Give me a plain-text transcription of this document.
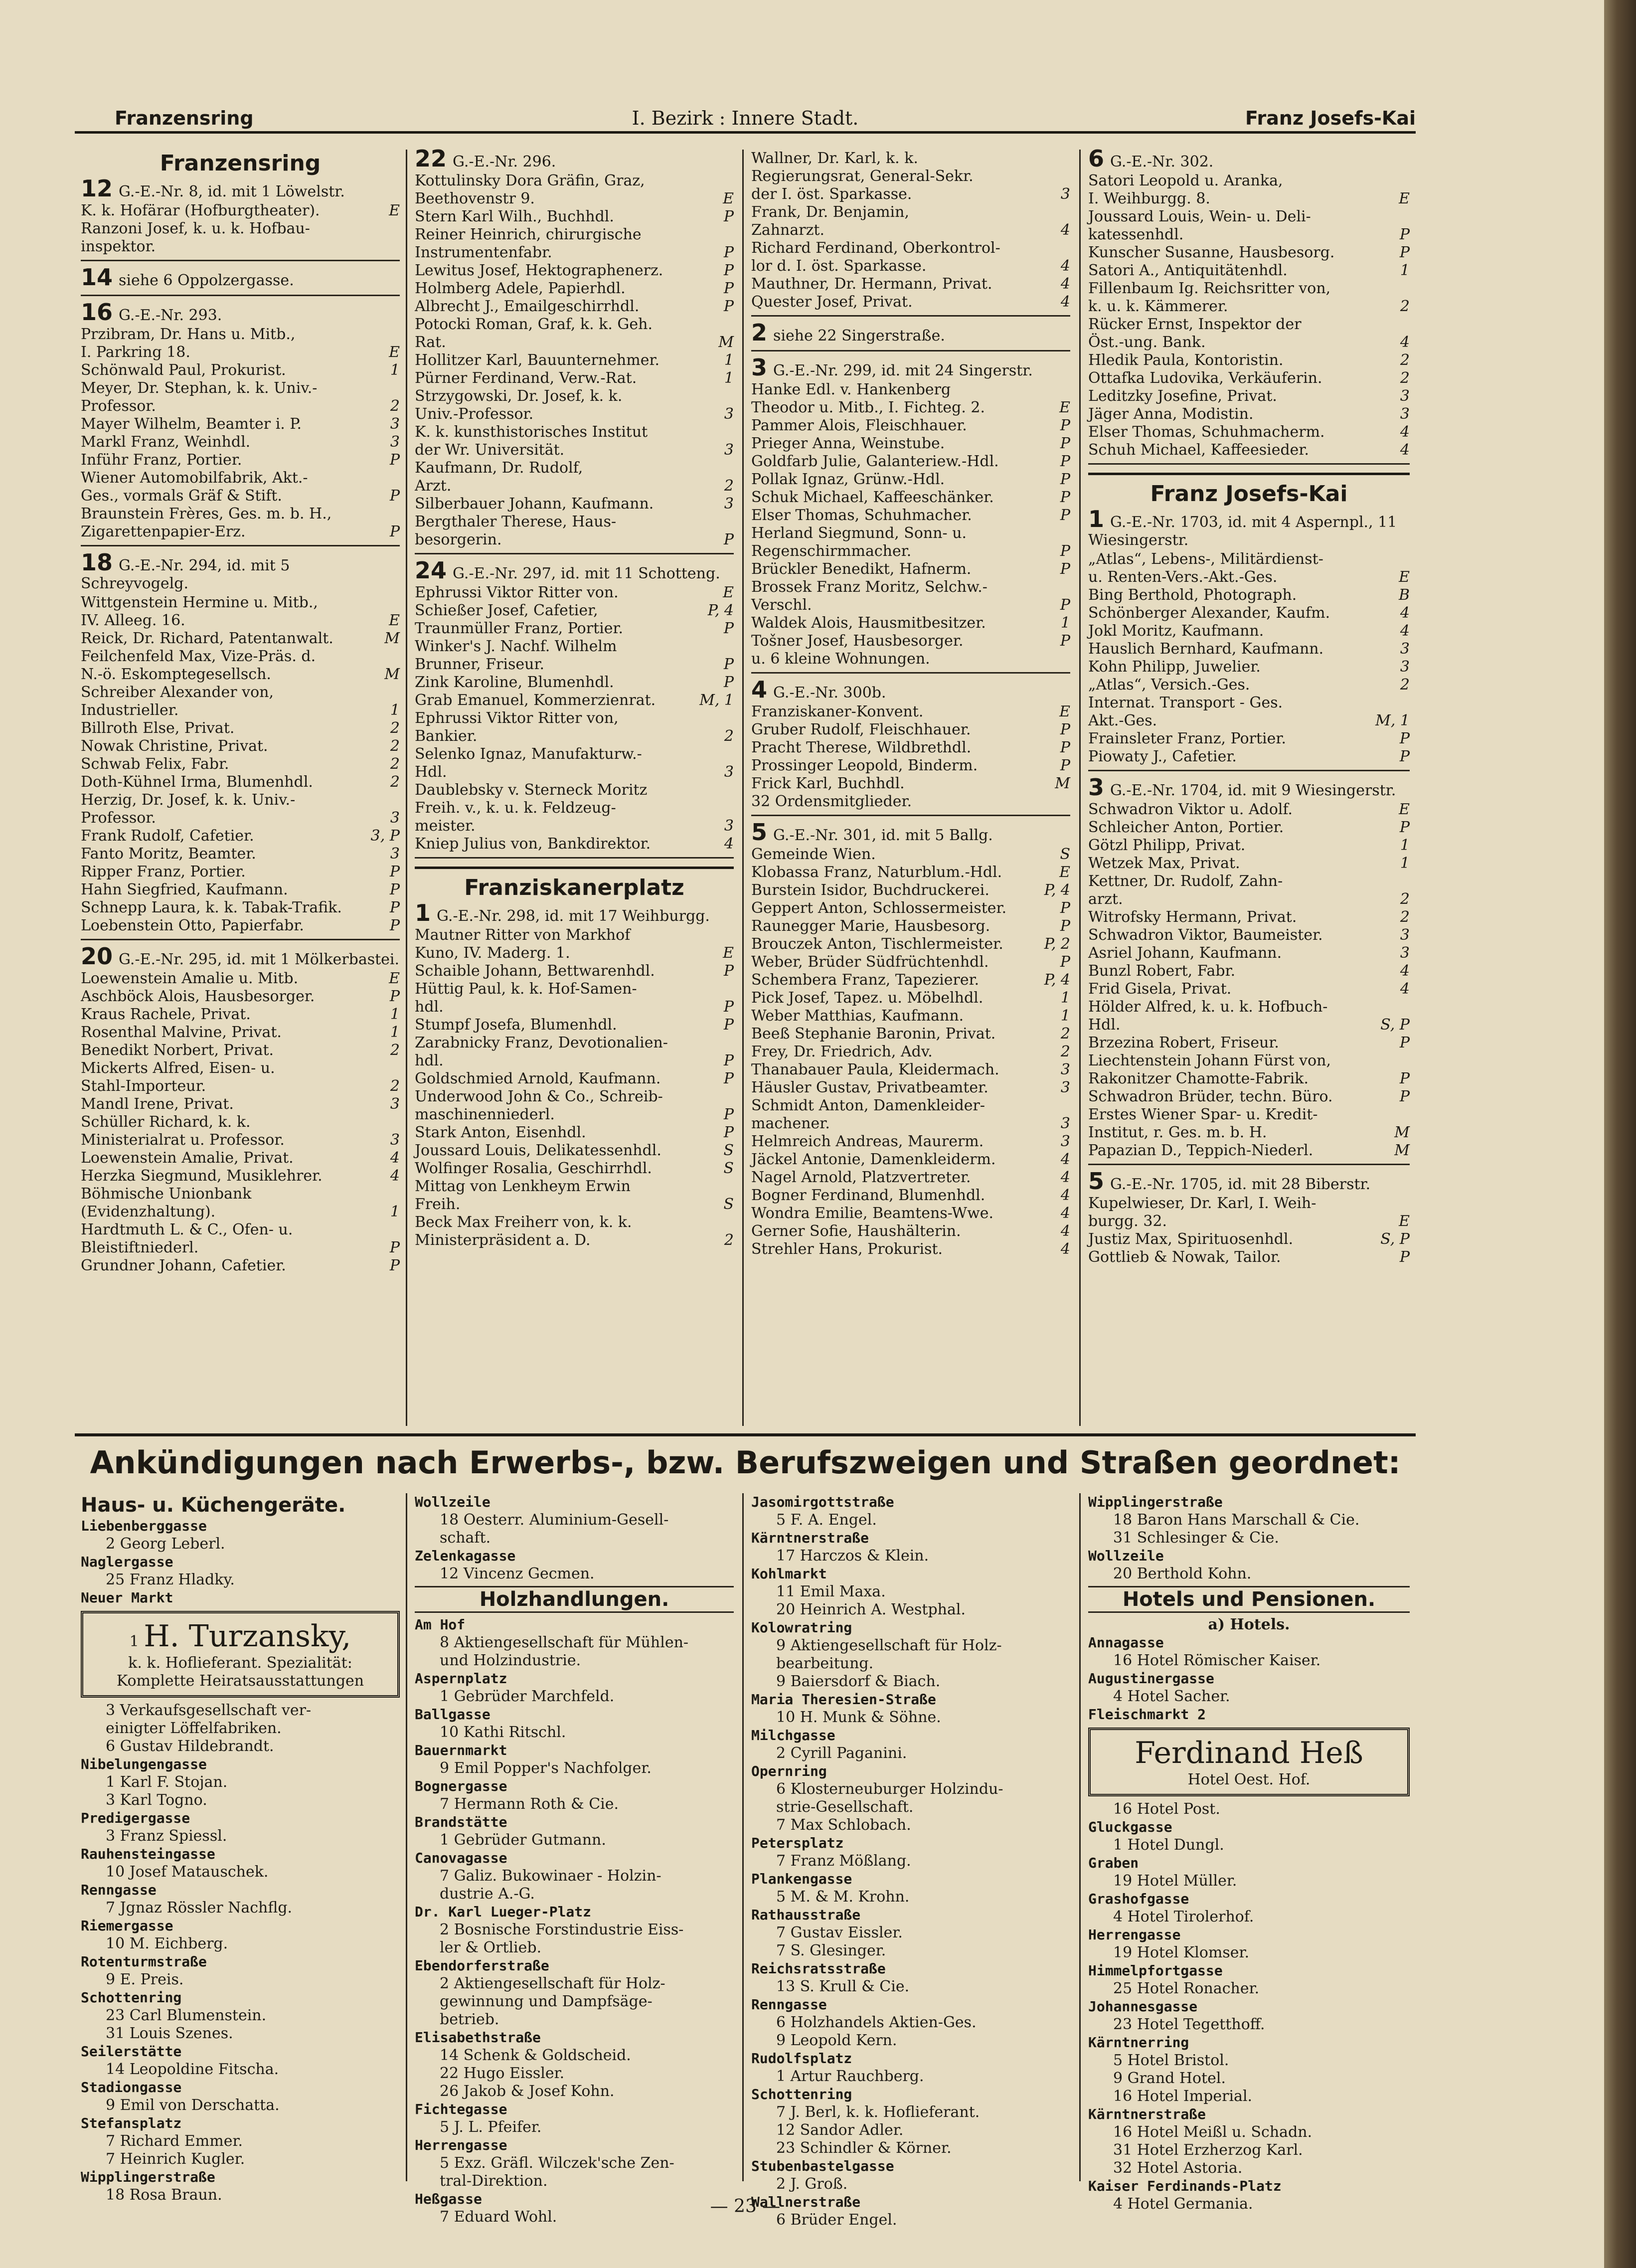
Franzensring	I. Bezirk : Innere Stadt.	Franz Josefs-Kai
Franzensring
12 G.-E.-Nr. 8, id. mit 1 Löwelstr.
K. k. Hofärar (Hofburgtheater).	E
Ranzoni Josef, k. u. k. Hofbau-
inspektor.
14 siehe 6 Oppolzergasse.
16 G.-E.-Nr. 293.
Przibram, Dr. Hans u. Mitb.,
I. Parkring 18.	E
Schönwald Paul, Prokurist.	1
Meyer, Dr. Stephan, k. k. Univ.-
Professor.	2
Mayer Wilhelm, Beamter i. P.	3
Markl Franz, Weinhdl.	3
Inführ Franz, Portier.	P
Wiener Automobilfabrik, Akt.-
Ges., vormals Gräf & Stift.	P
Braunstein Frères, Ges. m. b. H.,
Zigarettenpapier-Erz.	P
18 G.-E.-Nr. 294, id. mit 5 Schreyvogelg.
Wittgenstein Hermine u. Mitb.,
IV. Alleeg. 16.	E
Reick, Dr. Richard, Patentanwalt.	M
Feilchenfeld Max, Vize-Präs. d.
N.-ö. Eskomptegesellsch.	M
Schreiber Alexander von,
Industrieller.	1
Billroth Else, Privat.	2
Nowak Christine, Privat.	2
Schwab Felix, Fabr.	2
Doth-Kühnel Irma, Blumenhdl.	2
Herzig, Dr. Josef, k. k. Univ.-
Professor.	3
Frank Rudolf, Cafetier.	3, P
Fanto Moritz, Beamter.	3
Ripper Franz, Portier.	P
Hahn Siegfried, Kaufmann.	P
Schnepp Laura, k. k. Tabak-Trafik.	P
Loebenstein Otto, Papierfabr.	P
20 G.-E.-Nr. 295, id. mit 1 Mölkerbastei.
Loewenstein Amalie u. Mitb.	E
Aschböck Alois, Hausbesorger.	P
Kraus Rachele, Privat.	1
Rosenthal Malvine, Privat.	1
Benedikt Norbert, Privat.	2
Mickerts Alfred, Eisen- u.
Stahl-Importeur.	2
Mandl Irene, Privat.	3
Schüller Richard, k. k.
Ministerialrat u. Professor.	3
Loewenstein Amalie, Privat.	4
Herzka Siegmund, Musiklehrer.	4
Böhmische Unionbank
(Evidenzhaltung).	1
Hardtmuth L. & C., Ofen- u.
Bleistiftniederl.	P
Grundner Johann, Cafetier.	P
22 G.-E.-Nr. 296.
Kottulinsky Dora Gräfin, Graz,
Beethovenstr 9.	E
Stern Karl Wilh., Buchhdl.	P
Reiner Heinrich, chirurgische
Instrumentenfabr.	P
Lewitus Josef, Hektographenerz.	P
Holmberg Adele, Papierhdl.	P
Albrecht J., Emailgeschirrhdl.	P
Potocki Roman, Graf, k. k. Geh.
Rat.	M
Hollitzer Karl, Bauunternehmer.	1
Pürner Ferdinand, Verw.-Rat.	1
Strzygowski, Dr. Josef, k. k.
Univ.-Professor.	3
K. k. kunsthistorisches Institut
der Wr. Universität.	3
Kaufmann, Dr. Rudolf,
Arzt.	2
Silberbauer Johann, Kaufmann.	3
Bergthaler Therese, Haus-
besorgerin.	P
24 G.-E.-Nr. 297, id. mit 11 Schotteng.
Ephrussi Viktor Ritter von.	E
Schießer Josef, Cafetier,	P, 4
Traunmüller Franz, Portier.	P
Winker's J. Nachf. Wilhelm
Brunner, Friseur.	P
Zink Karoline, Blumenhdl.	P
Grab Emanuel, Kommerzienrat.	M, 1
Ephrussi Viktor Ritter von,
Bankier.	2
Selenko Ignaz, Manufakturw.-
Hdl.	3
Daublebsky v. Sterneck Moritz
Freih. v., k. u. k. Feldzeug-
meister.	3
Kniep Julius von, Bankdirektor.	4
Franziskanerplatz
1 G.-E.-Nr. 298, id. mit 17 Weihburgg.
Mautner Ritter von Markhof
Kuno, IV. Maderg. 1.	E
Schaible Johann, Bettwarenhdl.	P
Hüttig Paul, k. k. Hof-Samen-
hdl.	P
Stumpf Josefa, Blumenhdl.	P
Zarabnicky Franz, Devotionalien-
hdl.	P
Goldschmied Arnold, Kaufmann.	P
Underwood John & Co., Schreib-
maschinenniederl.	P
Stark Anton, Eisenhdl.	P
Joussard Louis, Delikatessenhdl.	S
Wolfinger Rosalia, Geschirrhdl.	S
Mittag von Lenkheym Erwin
Freih.	S
Beck Max Freiherr von, k. k.
Ministerpräsident a. D.	2
Wallner, Dr. Karl, k. k.
Regierungsrat, General-Sekr.
der I. öst. Sparkasse.	3
Frank, Dr. Benjamin,
Zahnarzt.	4
Richard Ferdinand, Oberkontrol-
lor d. I. öst. Sparkasse.	4
Mauthner, Dr. Hermann, Privat.	4
Quester Josef, Privat.	4
2 siehe 22 Singerstraße.
3 G.-E.-Nr. 299, id. mit 24 Singerstr.
Hanke Edl. v. Hankenberg
Theodor u. Mitb., I. Fichteg. 2.	E
Pammer Alois, Fleischhauer.	P
Prieger Anna, Weinstube.	P
Goldfarb Julie, Galanteriew.-Hdl.	P
Pollak Ignaz, Grünw.-Hdl.	P
Schuk Michael, Kaffeeschänker.	P
Elser Thomas, Schuhmacher.	P
Herland Siegmund, Sonn- u.
Regenschirmmacher.	P
Brückler Benedikt, Hafnerm.	P
Brossek Franz Moritz, Selchw.-
Verschl.	P
Waldek Alois, Hausmitbesitzer.	1
Tošner Josef, Hausbesorger.	P
u. 6 kleine Wohnungen.
4 G.-E.-Nr. 300b.
Franziskaner-Konvent.	E
Gruber Rudolf, Fleischhauer.	P
Pracht Therese, Wildbrethdl.	P
Prossinger Leopold, Binderm.	P
Frick Karl, Buchhdl.	M
32 Ordensmitglieder.
5 G.-E.-Nr. 301, id. mit 5 Ballg.
Gemeinde Wien.	S
Klobassa Franz, Naturblum.-Hdl.	E
Burstein Isidor, Buchdruckerei.	P, 4
Geppert Anton, Schlossermeister.	P
Raunegger Marie, Hausbesorg.	P
Brouczek Anton, Tischlermeister.	P, 2
Weber, Brüder Südfrüchtenhdl.	P
Schembera Franz, Tapezierer.	P, 4
Pick Josef, Tapez. u. Möbelhdl.	1
Weber Matthias, Kaufmann.	1
Beeß Stephanie Baronin, Privat.	2
Frey, Dr. Friedrich, Adv.	2
Thanabauer Paula, Kleidermach.	3
Häusler Gustav, Privatbeamter.	3
Schmidt Anton, Damenkleider-
machener.	3
Helmreich Andreas, Maurerm.	3
Jäckel Antonie, Damenkleiderm.	4
Nagel Arnold, Platzvertreter.	4
Bogner Ferdinand, Blumenhdl.	4
Wondra Emilie, Beamtens-Wwe.	4
Gerner Sofie, Haushälterin.	4
Strehler Hans, Prokurist.	4
6 G.-E.-Nr. 302.
Satori Leopold u. Aranka,
I. Weihburgg. 8.	E
Joussard Louis, Wein- u. Deli-
katessenhdl.	P
Kunscher Susanne, Hausbesorg.	P
Satori A., Antiquitätenhdl.	1
Fillenbaum Ig. Reichsritter von,
k. u. k. Kämmerer.	2
Rücker Ernst, Inspektor der
Öst.-ung. Bank.	4
Hledik Paula, Kontoristin.	2
Ottafka Ludovika, Verkäuferin.	2
Leditzky Josefine, Privat.	3
Jäger Anna, Modistin.	3
Elser Thomas, Schuhmacherm.	4
Schuh Michael, Kaffeesieder.	4
Franz Josefs-Kai
1 G.-E.-Nr. 1703, id. mit 4 Aspernpl., 11 Wiesingerstr.
„Atlas“, Lebens-, Militärdienst-
u. Renten-Vers.-Akt.-Ges.	E
Bing Berthold, Photograph.	B
Schönberger Alexander, Kaufm.	4
Jokl Moritz, Kaufmann.	4
Hauslich Bernhard, Kaufmann.	3
Kohn Philipp, Juwelier.	3
„Atlas“, Versich.-Ges.	2
Internat. Transport - Ges.
Akt.-Ges.	M, 1
Frainsleter Franz, Portier.	P
Piowaty J., Cafetier.	P
3 G.-E.-Nr. 1704, id. mit 9 Wiesingerstr.
Schwadron Viktor u. Adolf.	E
Schleicher Anton, Portier.	P
Götzl Philipp, Privat.	1
Wetzek Max, Privat.	1
Kettner, Dr. Rudolf, Zahn-
arzt.	2
Witrofsky Hermann, Privat.	2
Schwadron Viktor, Baumeister.	3
Asriel Johann, Kaufmann.	3
Bunzl Robert, Fabr.	4
Frid Gisela, Privat.	4
Hölder Alfred, k. u. k. Hofbuch-
Hdl.	S, P
Brzezina Robert, Friseur.	P
Liechtenstein Johann Fürst von,
Rakonitzer Chamotte-Fabrik.	P
Schwadron Brüder, techn. Büro.	P
Erstes Wiener Spar- u. Kredit-
Institut, r. Ges. m. b. H.	M
Papazian D., Teppich-Niederl.	M
5 G.-E.-Nr. 1705, id. mit 28 Biberstr.
Kupelwieser, Dr. Karl, I. Weih-
burgg. 32.	E
Justiz Max, Spirituosenhdl.	S, P
Gottlieb & Nowak, Tailor.	P
Ankündigungen nach Erwerbs-, bzw. Berufszweigen und Straßen geordnet:
Haus- u. Küchengeräte.
Liebenberggasse
2 Georg Leberl.
Naglergasse
25 Franz Hladky.
Neuer Markt
1 H. Turzansky,
k. k. Hoflieferant. Spezialität:
Komplette Heiratsausstattungen
3 Verkaufsgesellschaft ver-
einigter Löffelfabriken.
6 Gustav Hildebrandt.
Nibelungengasse
1 Karl F. Stojan.
3 Karl Togno.
Predigergasse
3 Franz Spiessl.
Rauhensteingasse
10 Josef Matauschek.
Renngasse
7 Jgnaz Rössler Nachflg.
Riemergasse
10 M. Eichberg.
Rotenturmstraße
9 E. Preis.
Schottenring
23 Carl Blumenstein.
31 Louis Szenes.
Seilerstätte
14 Leopoldine Fitscha.
Stadiongasse
9 Emil von Derschatta.
Stefansplatz
7 Richard Emmer.
7 Heinrich Kugler.
Wipplingerstraße
18 Rosa Braun.
Wollzeile
18 Oesterr. Aluminium-Gesell-
schaft.
Zelenkagasse
12 Vincenz Gecmen.
Holzhandlungen.
Am Hof
8 Aktiengesellschaft für Mühlen-
und Holzindustrie.
Aspernplatz
1 Gebrüder Marchfeld.
Ballgasse
10 Kathi Ritschl.
Bauernmarkt
9 Emil Popper's Nachfolger.
Bognergasse
7 Hermann Roth & Cie.
Brandstätte
1 Gebrüder Gutmann.
Canovagasse
7 Galiz. Bukowinaer - Holzin-
dustrie A.-G.
Dr. Karl Lueger-Platz
2 Bosnische Forstindustrie Eiss-
ler & Ortlieb.
Ebendorferstraße
2 Aktiengesellschaft für Holz-
gewinnung und Dampfsäge-
betrieb.
Elisabethstraße
14 Schenk & Goldscheid.
22 Hugo Eissler.
26 Jakob & Josef Kohn.
Fichtegasse
5 J. L. Pfeifer.
Herrengasse
5 Exz. Gräfl. Wilczek'sche Zen-
tral-Direktion.
Heßgasse
7 Eduard Wohl.
Jasomirgottstraße
5 F. A. Engel.
Kärntnerstraße
17 Harczos & Klein.
Kohlmarkt
11 Emil Maxa.
20 Heinrich A. Westphal.
Kolowratring
9 Aktiengesellschaft für Holz-
bearbeitung.
9 Baiersdorf & Biach.
Maria Theresien-Straße
10 H. Munk & Söhne.
Milchgasse
2 Cyrill Paganini.
Opernring
6 Klosterneuburger Holzindu-
strie-Gesellschaft.
7 Max Schlobach.
Petersplatz
7 Franz Mößlang.
Plankengasse
5 M. & M. Krohn.
Rathausstraße
7 Gustav Eissler.
7 S. Glesinger.
Reichsratsstraße
13 S. Krull & Cie.
Renngasse
6 Holzhandels Aktien-Ges.
9 Leopold Kern.
Rudolfsplatz
1 Artur Rauchberg.
Schottenring
7 J. Berl, k. k. Hoflieferant.
12 Sandor Adler.
23 Schindler & Körner.
Stubenbastelgasse
2 J. Groß.
Wallnerstraße
6 Brüder Engel.
Wipplingerstraße
18 Baron Hans Marschall & Cie.
31 Schlesinger & Cie.
Wollzeile
20 Berthold Kohn.
Hotels und Pensionen.
a) Hotels.
Annagasse
16 Hotel Römischer Kaiser.
Augustinergasse
4 Hotel Sacher.
Fleischmarkt 2
Ferdinand Heß
Hotel Oest. Hof.
16 Hotel Post.
Gluckgasse
1 Hotel Dungl.
Graben
19 Hotel Müller.
Grashofgasse
4 Hotel Tirolerhof.
Herrengasse
19 Hotel Klomser.
Himmelpfortgasse
25 Hotel Ronacher.
Johannesgasse
23 Hotel Tegetthoff.
Kärntnerring
5 Hotel Bristol.
9 Grand Hotel.
16 Hotel Imperial.
Kärntnerstraße
16 Hotel Meißl u. Schadn.
31 Hotel Erzherzog Karl.
32 Hotel Astoria.
Kaiser Ferdinands-Platz
4 Hotel Germania.
— 23 —
